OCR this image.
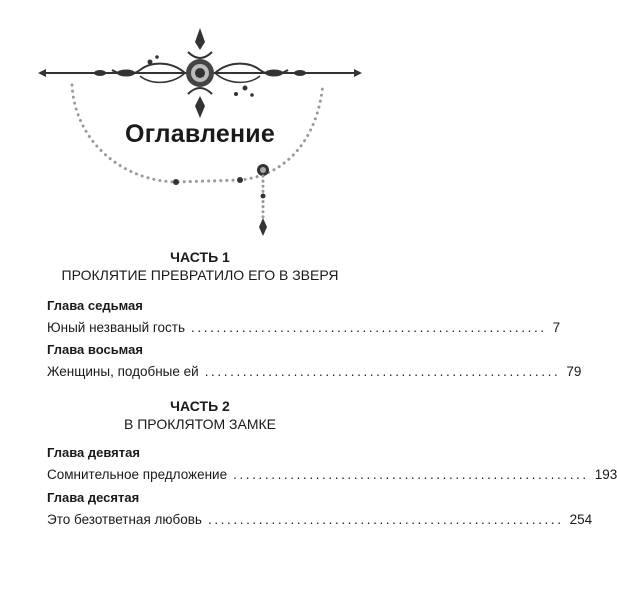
Оглавление
ЧАСТЬ 1
ПРОКЛЯТИЕ ПРЕВРАТИЛО ЕГО В ЗВЕРЯ
Глава седьмая
Юный незваный гость ........................................................ 7
Глава восьмая
Женщины, подобные ей ........................................................ 79
ЧАСТЬ 2
В ПРОКЛЯТОМ ЗАМКЕ
Глава девятая
Сомнительное предложение ........................................................ 193
Глава десятая
Это безответная любовь ........................................................ 254
